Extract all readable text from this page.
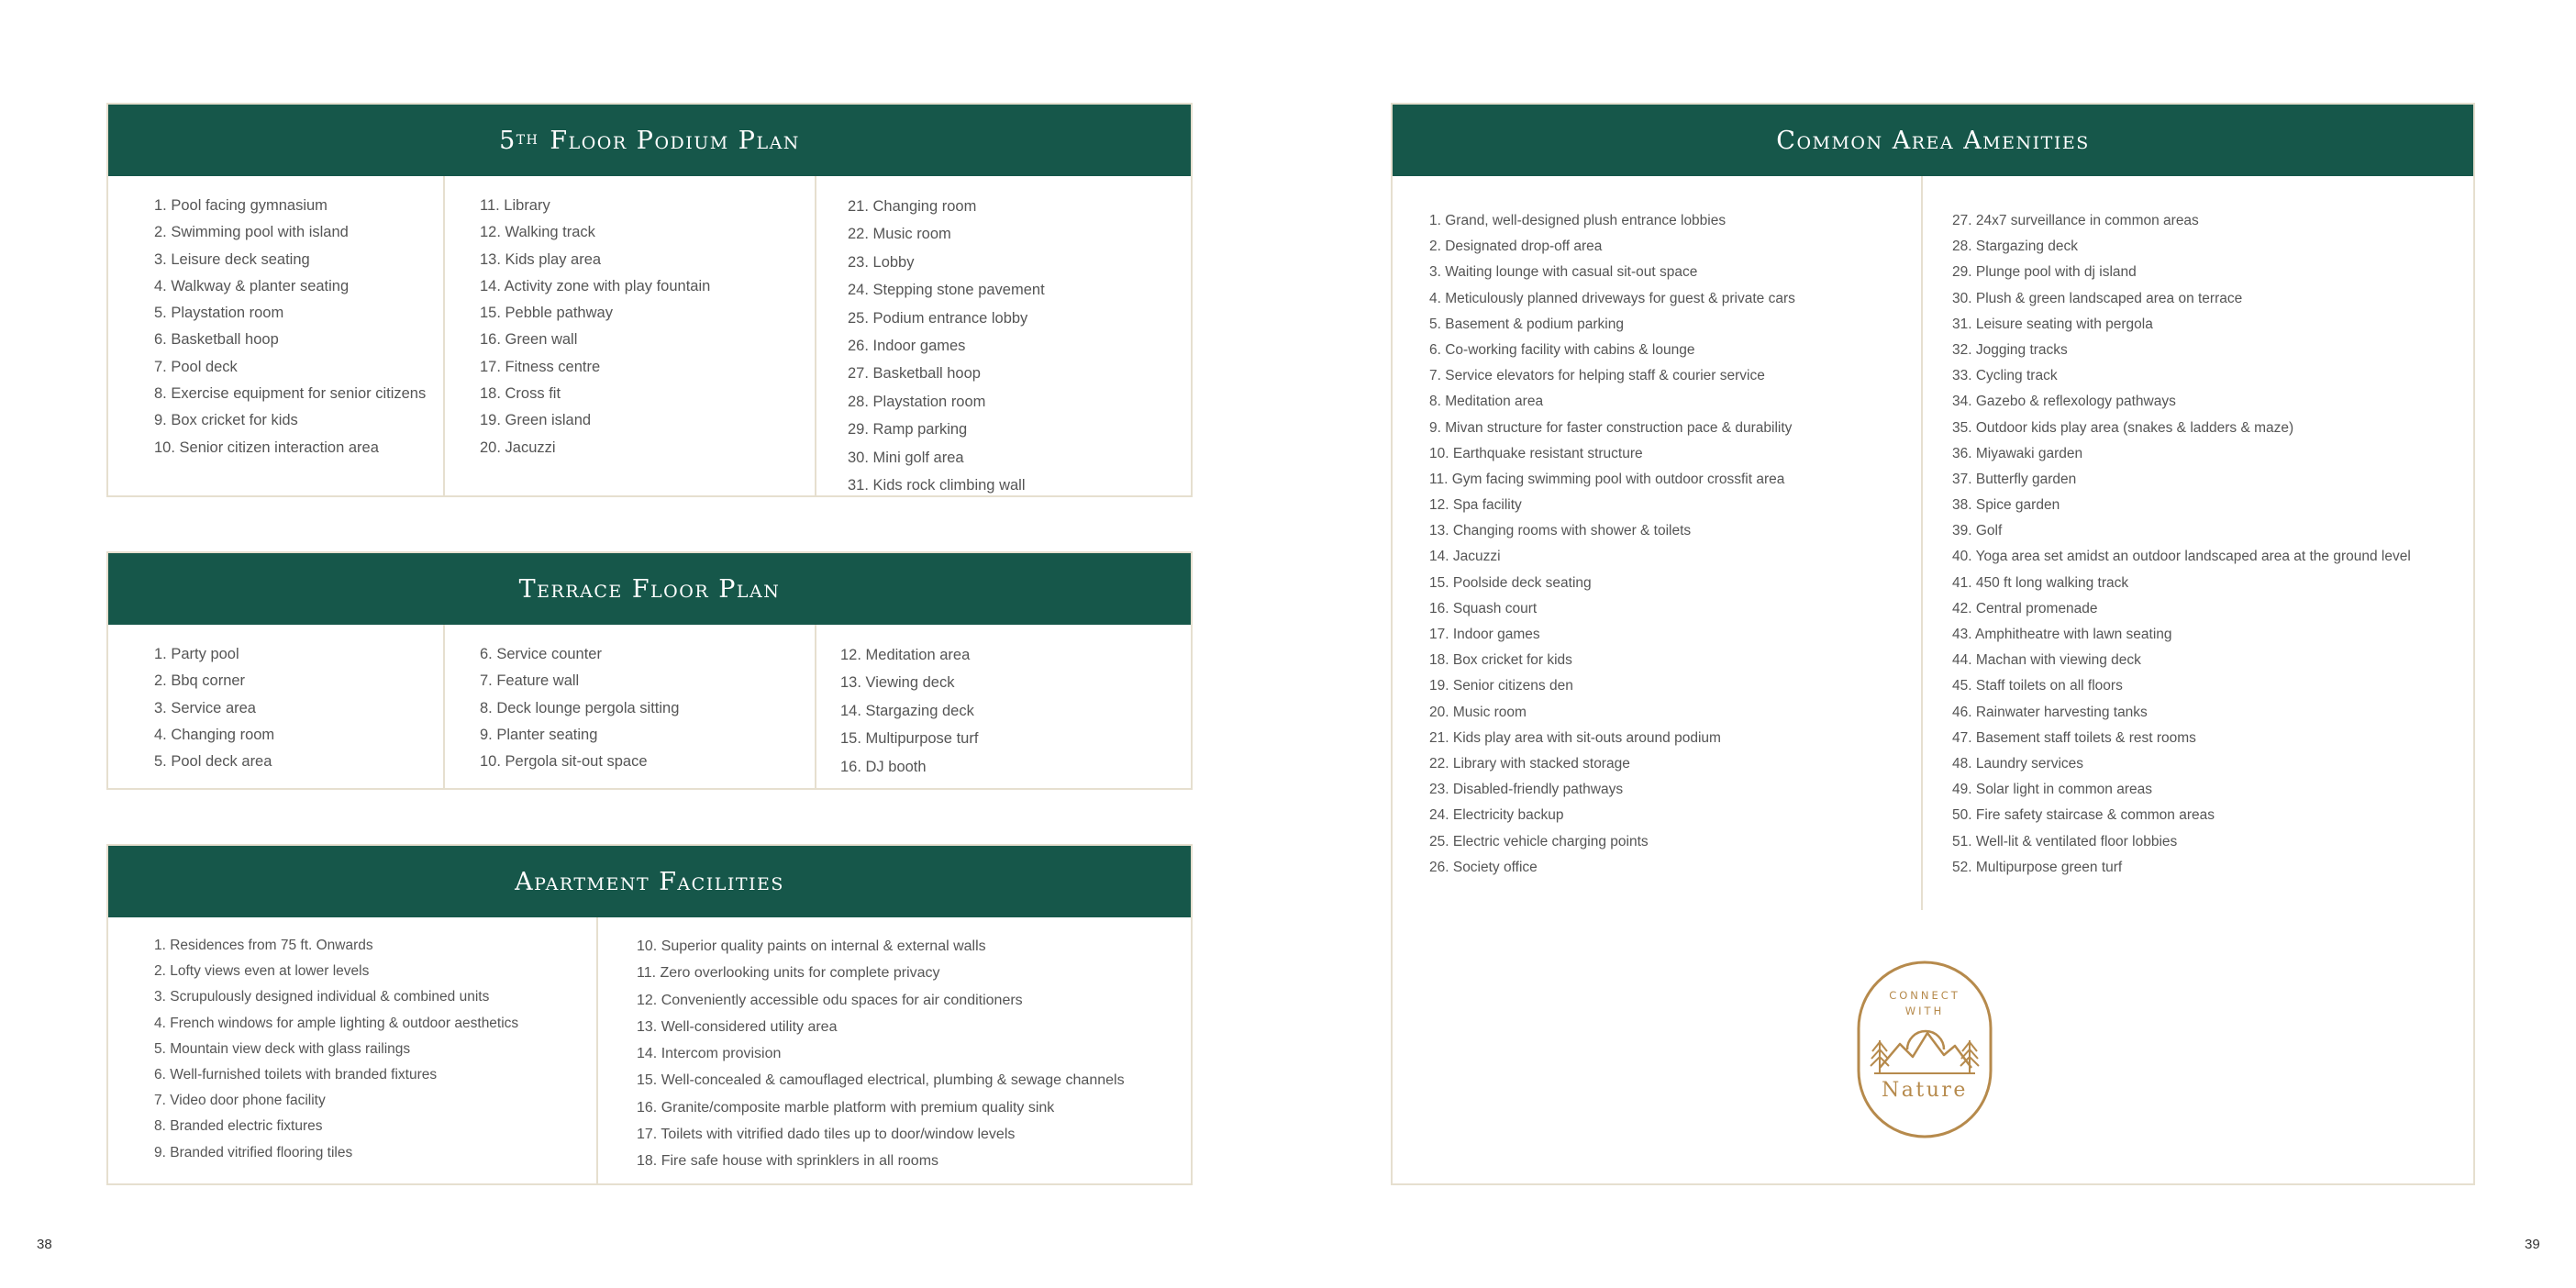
5 TH Floor Podium Plan
1. Pool facing gymnasium
2. Swimming pool with island
3. Leisure deck seating
4. Walkway & planter seating
5. Playstation room
6. Basketball hoop
7. Pool deck
8. Exercise equipment for senior citizens
9. Box cricket for kids
10. Senior citizen interaction area
11. Library
12. Walking track
13. Kids play area
14. Activity zone with play fountain
15. Pebble pathway
16. Green wall
17. Fitness centre
18. Cross fit
19. Green island
20. Jacuzzi
21. Changing room
22. Music room
23. Lobby
24. Stepping stone pavement
25. Podium entrance lobby
26. Indoor games
27. Basketball hoop
28. Playstation room
29. Ramp parking
30. Mini golf area
31. Kids rock climbing wall
Terrace Floor Plan
1. Party pool
2. Bbq corner
3. Service area
4. Changing room
5. Pool deck area
6. Service counter
7. Feature wall
8. Deck lounge pergola sitting
9. Planter seating
10. Pergola sit-out space
12. Meditation area
13. Viewing deck
14. Stargazing deck
15. Multipurpose turf
16. DJ booth
Apartment Facilities
1. Residences from 75 ft. Onwards
2. Lofty views even at lower levels
3. Scrupulously designed individual & combined units
4. French windows for ample lighting & outdoor aesthetics
5. Mountain view deck with glass railings
6. Well-furnished toilets with branded fixtures
7. Video door phone facility
8. Branded electric fixtures
9. Branded vitrified flooring tiles
10. Superior quality paints on internal & external walls
11. Zero overlooking units for complete privacy
12. Conveniently accessible odu spaces for air conditioners
13. Well-considered utility area
14. Intercom provision
15. Well-concealed & camouflaged electrical, plumbing & sewage channels
16. Granite/composite marble platform with premium quality sink
17. Toilets with vitrified dado tiles up to door/window levels
18. Fire safe house with sprinklers in all rooms
Common Area Amenities
1. Grand, well-designed plush entrance lobbies
2. Designated drop-off area
3. Waiting lounge with casual sit-out space
4. Meticulously planned driveways for guest & private cars
5. Basement & podium parking
6. Co-working facility with cabins & lounge
7. Service elevators for helping staff & courier service
8. Meditation area
9. Mivan structure for faster construction pace & durability
10. Earthquake resistant structure
11. Gym facing swimming pool with outdoor crossfit area
12. Spa facility
13. Changing rooms with shower & toilets
14. Jacuzzi
15. Poolside deck seating
16. Squash court
17. Indoor games
18. Box cricket for kids
19. Senior citizens den
20. Music room
21. Kids play area with sit-outs around podium
22. Library with stacked storage
23. Disabled-friendly pathways
24. Electricity backup
25. Electric vehicle charging points
26. Society office
27. 24x7 surveillance in common areas
28. Stargazing deck
29. Plunge pool with dj island
30. Plush & green landscaped area on terrace
31. Leisure seating with pergola
32. Jogging tracks
33. Cycling track
34. Gazebo & reflexology pathways
35. Outdoor kids play area (snakes & ladders & maze)
36. Miyawaki garden
37. Butterfly garden
38. Spice garden
39. Golf
40. Yoga area set amidst an outdoor landscaped area at the ground level
41. 450 ft long walking track
42. Central promenade
43. Amphitheatre with lawn seating
44. Machan with viewing deck
45. Staff toilets on all floors
46. Rainwater harvesting tanks
47. Basement staff toilets & rest rooms
48. Laundry services
49. Solar light in common areas
50. Fire safety staircase & common areas
51. Well-lit & ventilated floor lobbies
52. Multipurpose green turf
CONNECT
WITH
Nature
38	39
